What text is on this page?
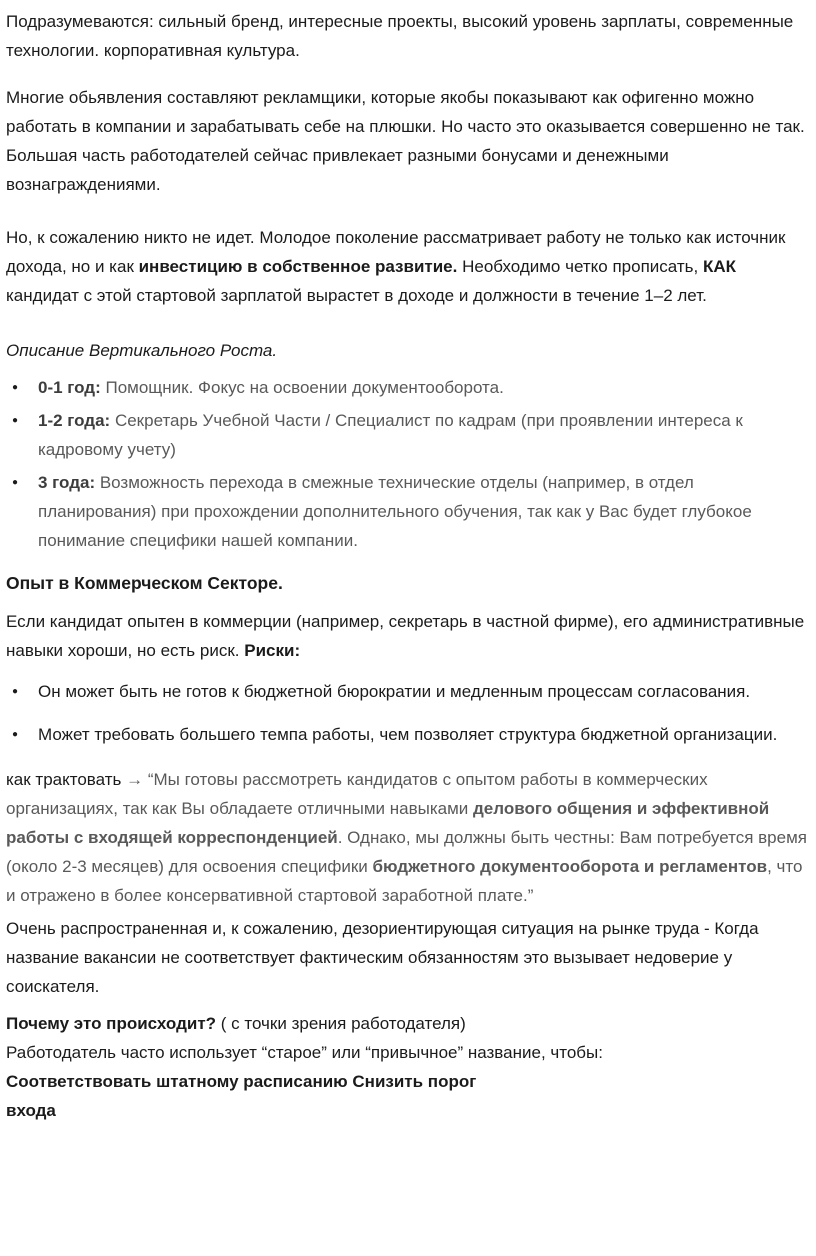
Подразумеваются: сильный бренд, интересные проекты, высокий уровень зарплаты, современные технологии. корпоративная культура.
Многие обьявления составляют рекламщики, которые якобы показывают как офигенно можно работать в компании и зарабатывать себе на плюшки. Но часто это оказывается совершенно не так. Большая часть работодателей сейчас привлекает разными бонусами и денежными вознаграждениями.
Но, к сожалению никто не идет. Молодое поколение рассматривает работу не только как источник дохода, но и как инвестицию в собственное развитие. Необходимо четко прописать, КАК кандидат с этой стартовой зарплатой вырастет в доходе и должности в течение 1–2 лет.
Описание Вертикального Роста.
●	0-1 год: Помощник. Фокус на освоении документооборота.
●	1-2 года: Секретарь Учебной Части / Специалист по кадрам (при проявлении интереса к кадровому учету)
●	3 года: Возможность перехода в смежные технические отделы (например, в отдел планирования) при прохождении дополнительного обучения, так как у Вас будет глубокое понимание специфики нашей компании.
Опыт в Коммерческом Секторе.
Если кандидат опытен в коммерции (например, секретарь в частной фирме), его административные навыки хороши, но есть риск. Риски:
●	Он может быть не готов к бюджетной бюрократии и медленным процессам согласования.
●	Может требовать большего темпа работы, чем позволяет структура бюджетной организации.
как трактовать → “Мы готовы рассмотреть кандидатов с опытом работы в коммерческих организациях, так как Вы обладаете отличными навыками делового общения и эффективной работы с входящей корреспонденцией. Однако, мы должны быть честны: Вам потребуется время (около 2-3 месяцев) для освоения специфики бюджетного документооборота и регламентов, что и отражено в более консервативной стартовой заработной плате.”
Очень распространенная и, к сожалению, дезориентирующая ситуация на рынке труда - Когда название вакансии не соответствует фактическим обязанностям это вызывает недоверие у соискателя.
Почему это происходит? ( с точки зрения работодателя)
Работодатель часто использует “старое” или “привычное” название, чтобы:
Соответствовать штатному расписанию Снизить порог
входа
